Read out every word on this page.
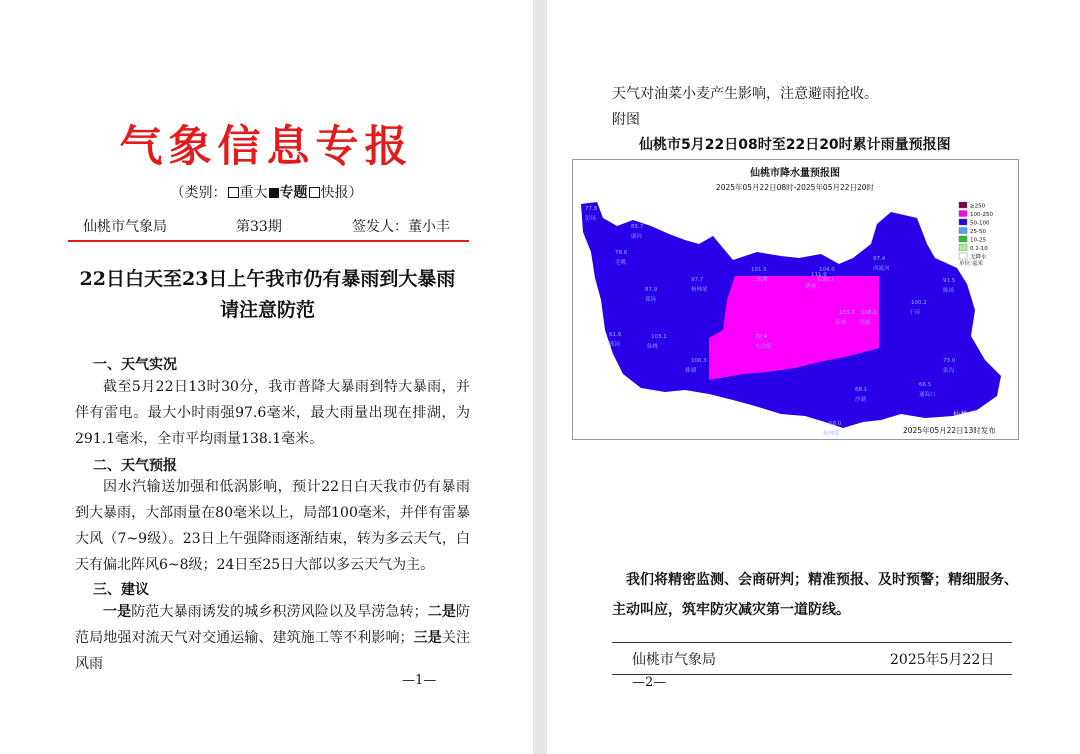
气象信息专报
（类别： 重大 专题 快报）
仙桃市气象局	第33期	签发人：董小丰
22日白天至23日上午我市仍有暴雨到大暴雨
请注意防范
一、天气实况
截至5月22日13时30分，我市普降大暴雨到特大暴雨，并伴有雷电。最大小时雨强97.6毫米，最大雨量出现在排湖，为291.1毫米，全市平均雨量138.1毫米。
二、天气预报
因水汽输送加强和低涡影响，预计22日白天我市仍有暴雨到大暴雨，大部雨量在80毫米以上，局部100毫米，并伴有雷暴大风（7~9级）。23日上午强降雨逐渐结束，转为多云天气，白天有偏北阵风6~8级；24日至25日大部以多云天气为主。
三、建议
一是防范大暴雨诱发的城乡积涝风险以及旱涝急转；二是防范局地强对流天气对交通运输、建筑施工等不利影响；三是关注风雨
—1—
天气对油菜小麦产生影响，注意避雨抢收。
附图
仙桃市5月22日08时至22日20时累计雨量预报图
仙桃市降水量预报图
2025年05月22日08时-2025年05月22日20时
77.8
彭场
85.7
剅河
78.6
毛嘴
87.9
郑场
97.7
杨林尾
101.5
三伏潭
111.9
胡场
104.0
长埫口
108.0
沔城
103.7
彭场
100.2
干河
97.4
西流河
91.5
陈场
73.0
张沟
66.5
通海口
68.1
沙湖
58.0
杨林尾
61.9
郭河
70.4
九合垸
100.3
排湖
103.1
仙桃
≥250
100-250
50-100
25-50
10-25
0.1-10
无降水
单位:毫米
仙桃市气象台
2025年05月22日13时发布
我们将精密监测、会商研判；精准预报、及时预警；精细服务、
主动叫应，筑牢防灾减灾第一道防线。
仙桃市气象局	2025年5月22日
—2—
